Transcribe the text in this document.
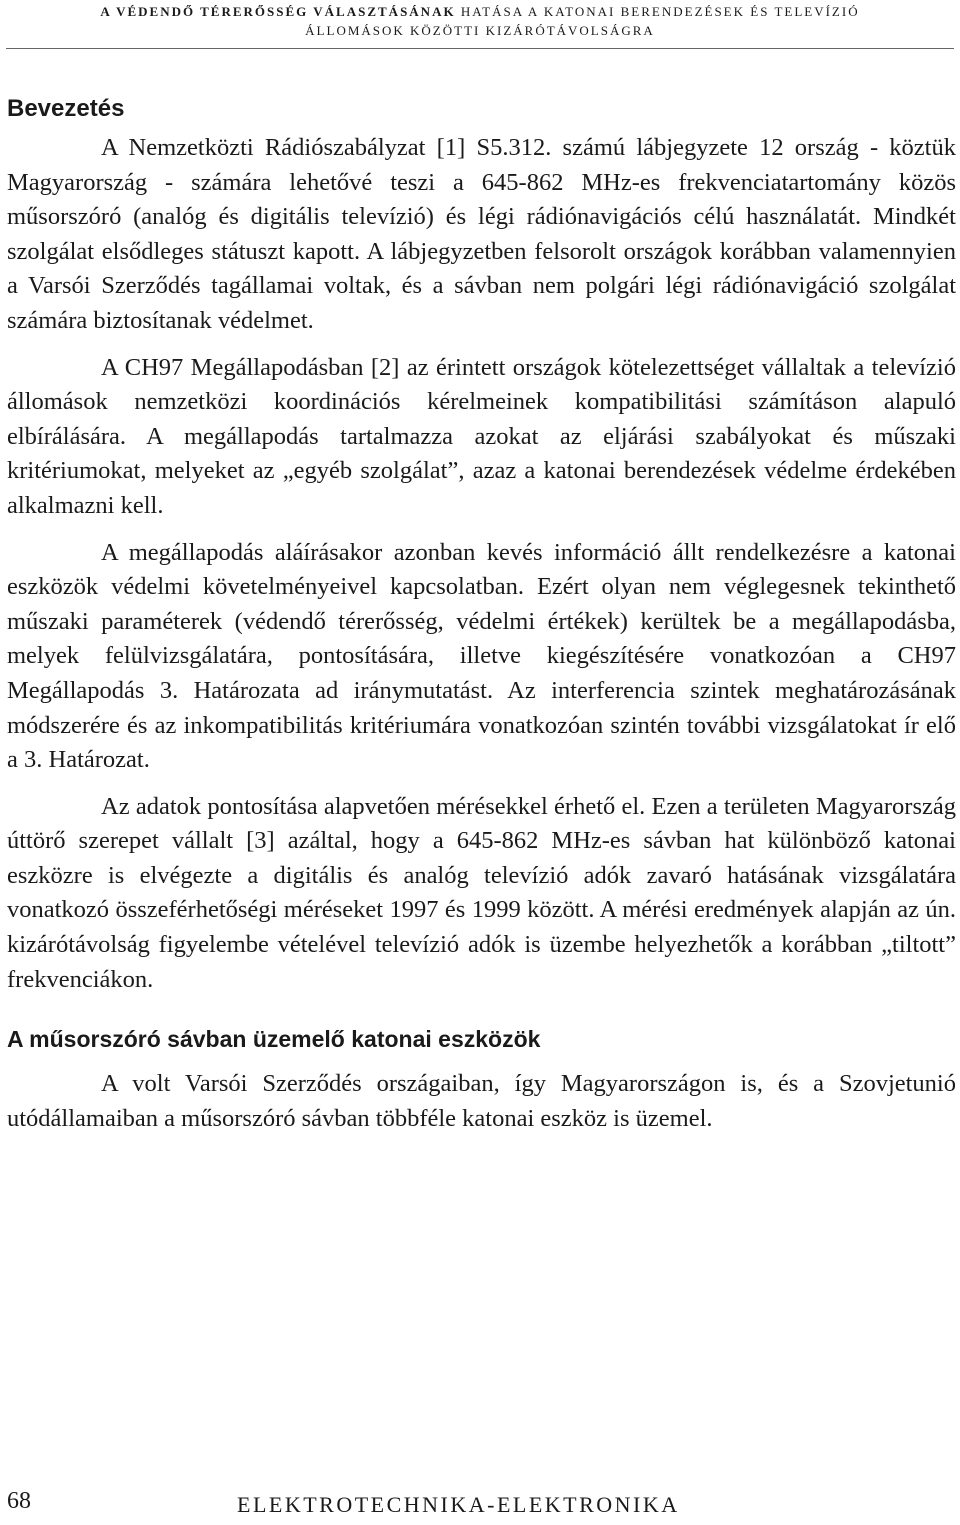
A VÉDENDŐ TÉRERŐSSÉG VÁLASZTÁSÁNAK HATÁSA A KATONAI BERENDEZÉSEK ÉS TELEVÍZIÓ
ÁLLOMÁSOK KÖZÖTTI KIZÁRÓTÁVOLSÁGRA
Bevezetés

A Nemzetközti Rádiószabályzat [1] S5.312. számú lábjegyzete 12 ország - köztük Magyarország - számára lehetővé teszi a 645-862 MHz-es frekvenciatartomány közös műsorszóró (analóg és digitális televízió) és légi rádiónavigációs célú használatát. Mindkét szolgálat elsődleges státuszt kapott. A lábjegyzetben felsorolt országok korábban valamennyien a Varsói Szerződés tagállamai voltak, és a sávban nem polgári légi rádiónavigáció szolgálat számára biztosítanak védelmet.

A CH97 Megállapodásban [2] az érintett országok kötelezettséget vállaltak a televízió állomások nemzetközi koordinációs kérelmeinek kompatibilitási számításon alapuló elbírálására. A megállapodás tartalmazza azokat az eljárási szabályokat és műszaki kritériumokat, melyeket az „egyéb szolgálat”, azaz a katonai berendezések védelme érdekében alkalmazni kell.

A megállapodás aláírásakor azonban kevés információ állt rendelkezésre a katonai eszközök védelmi követelményeivel kapcsolatban. Ezért olyan nem véglegesnek tekinthető műszaki paraméterek (védendő térerősség, védelmi értékek) kerültek be a megállapodásba, melyek felülvizsgálatára, pontosítására, illetve kiegészítésére vonatkozóan a CH97 Megállapodás 3. Határozata ad iránymutatást. Az interferencia szintek meghatározásának módszerére és az inkompatibilitás kritériumára vonatkozóan szintén további vizsgálatokat ír elő a 3. Határozat.

Az adatok pontosítása alapvetően mérésekkel érhető el. Ezen a területen Magyarország úttörő szerepet vállalt [3] azáltal, hogy a 645-862 MHz-es sávban hat különböző katonai eszközre is elvégezte a digitális és analóg televízió adók zavaró hatásának vizsgálatára vonatkozó összeférhetőségi méréseket 1997 és 1999 között. A mérési eredmények alapján az ún. kizárótávolság figyelembe vételével televízió adók is üzembe helyezhetők a korábban „tiltott” frekvenciákon.

A műsorszóró sávban üzemelő katonai eszközök

A volt Varsói Szerződés országaiban, így Magyarországon is, és a Szovjetunió utódállamaiban a műsorszóró sávban többféle katonai eszköz is üzemel.

68	ELEKTROTECHNIKA-ELEKTRONIKA
